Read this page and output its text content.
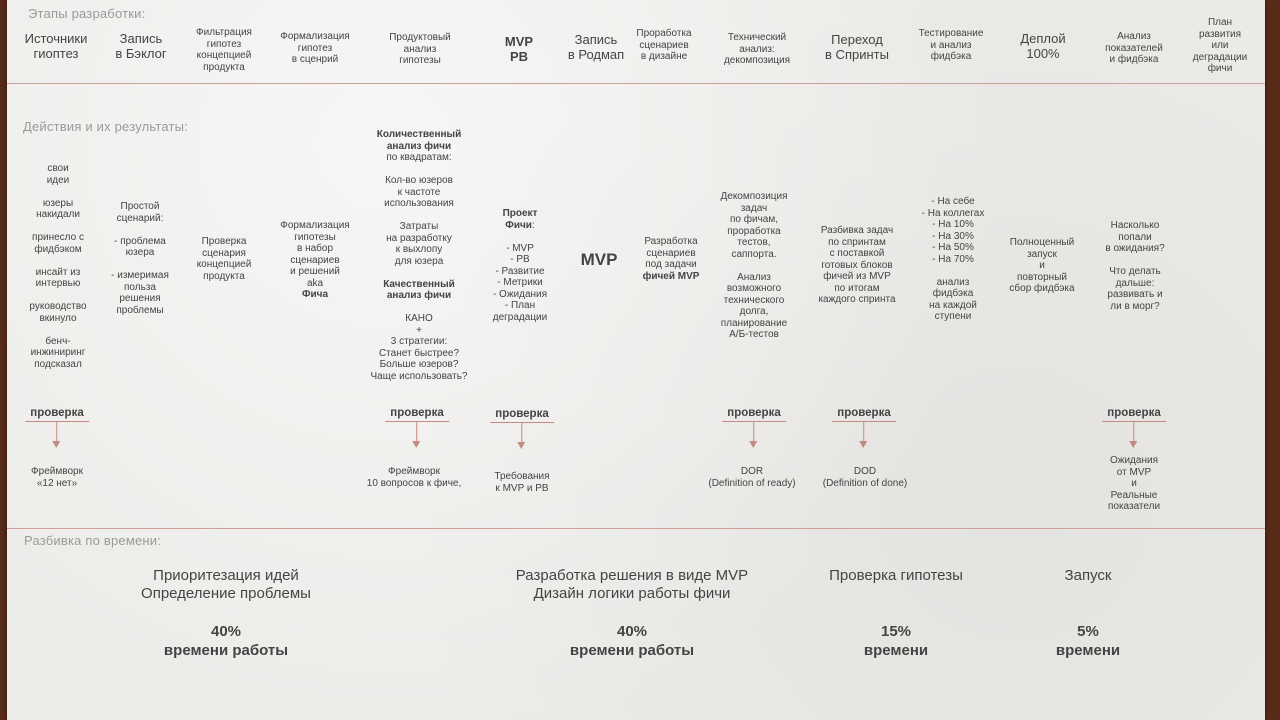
Этапы разработки:
Действия и их результаты:
Разбивка по времени:
Источники
гиоптез
Запись
в Бэклог
Фильтрация
гипотез
концепцией
продукта
Формализация
гипотез
в сценрий
Продуктовый
анализ
гипотезы
MVP
PB
Запись
в Родмап
Проработка
сценариев
в дизайне
Технический
анализ:
декомпозиция
Переход
в Спринты
Тестирование
и анализ
фидбэка
Деплой
100%
Анализ
показателей
и фидбэка
План
развития
или
деградации
фичи
свои
идеи

юзеры
накидали

принесло с
фидбэком

инсайт из
интервью

руководство
вкинуло

бенч-
инжиниринг
подсказал
Простой
сценарий:

- проблема
юзера

- измеримая
польза
решения
проблемы
Проверка
сценария
концепцией
продукта
Формализация
гипотезы
в набор
сценариев
и решений
aka
Фича
Количественный
анализ фичи
по квадратам:

Кол-во юзеров
к частоте
использования

Затраты
на разработку
к выхлопу
для юзера

Качественный
анализ фичи

КАНО
+
3 стратегии:
Станет быстрее?
Больше юзеров?
Чаще использовать?
Проект
Фичи:

- MVP
- PB
- Развитие
- Метрики
- Ожидания
- План
деградации
MVP
Разработка
сценариев
под задачи
фичей MVP
Декомпозиция
задач
по фичам,
проработка
тестов,
саппорта.

Анализ
возможного
технического
долга,
планирование
А/Б-тестов
Разбивка задач
по спринтам
с поставкой
готовых блоков
фичей из MVP
по итогам
каждого спринта
- На себе
- На коллегах
- На 10%
- На 30%
- На 50%
- На 70%

анализ
фидбэка
на каждой
ступени
Полноценный
запуск
и
повторный
сбор фидбэка
Насколько
попали
в ожидания?

Что делать
дальше:
развивать и
ли в морг?
проверка
Фреймворк
«12 нет»
проверка
Фреймворк
10 вопросов к фиче,
проверка
Требования
к MVP и PB
проверка
DOR
(Definition of ready)
проверка
DOD
(Definition of done)
проверка
Ожидания
от MVP
и
Реальные
показатели
Приоритезация идей
Определение проблемы
40%
времени работы
Разработка решения в виде MVP
Дизайн логики работы фичи
40%
времени работы
Проверка гипотезы
15%
времени
Запуск
5%
времени
